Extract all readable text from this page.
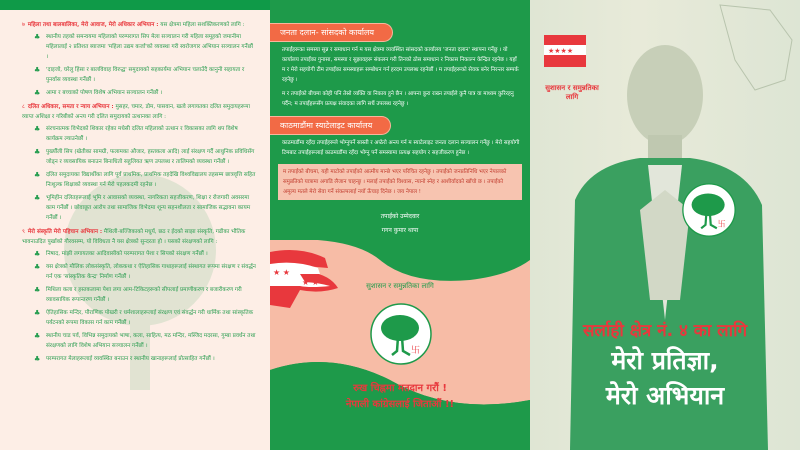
७ महिला तथा बालबालिका, मेरो आवाज, मेरो अधिकार अभियान : यस क्षेत्रमा महिला सशक्तिकरणको लागि :
♣ स्थानीय तहको समन्वयमा महिलाको परम्परागत सिप मेला सञ्चालन गरी महिला समूहको जमानीमा महिलालाई २ प्रतिशत ब्याजमा 'महिला उद्यम कर्जा'को व्यवस्था गरी स्वरोजगार अभियान सञ्चालन गर्नेछौं ।
♣ 'दाइजो, घरेलु हिंसा र बालविवाह विरुद्ध' समुदायको सहकार्यमा अभियान चलाउँदै कानुनी सहायता र पुनर्वास व्यवस्था गर्नेछौं ।
♣ आमा र बच्चाको पोषण विशेष अभियान सञ्चालन गर्नेछौं ।
८ दलित अधिकार, समता र न्याय अभियान : मुसहर, चमार, डोम, पासवान, खत्वे लगायतका दलित समुदायहरूमा व्याप्त अशिक्षा र गरिबीको अन्त्य गरी दलित समुदायको उत्थानका लागि :
♣ संरचनात्मक विभेदको शिकार रहेका मधेसी दलित महिलाको उत्थान र विकासका लागि थप विशेष कार्यक्रम ल्याउनेछौं ।
♣ पुर्ख्यौली सिप (खेतीका सामग्री, फलामका औजार, हस्तकला आदि) लाई संरक्षण गर्दै आधुनिक प्रविधिसँग जोड्न र व्यवसायिक बनाउन बिनाधितो सहुलियत ऋण उपलब्ध र तालिमको व्यवस्था गर्नेछौं ।
♣ दलित समुदायका विद्यार्थीका लागि पूर्व प्राथमिक, प्राथमिक तहदेखि विश्वविद्यालय तहसम्म छात्रवृत्ति सहित निःशुल्क शिक्षाको व्यवस्था गर्न मेरो पहलकदमी रहनेछ ।
♣ भूमिहीन दलितहरूलाई भूमि र आवासको व्यवस्था, नागरिकता सहजीकरण, शिक्षा र रोजगारी अवसरमा काम गर्नेछौं । छोवाछूत आरोप तथा सामाजिक विभेदमा शून्य सहनशीलता र सामाजिक सद्भावना कायम गर्नेछौं ।
९ मेरो संस्कृति मेरो पहिचान अभियान : मैथिली-बज्जिकाको मधुर्य, छठ र ईदको साझा संस्कृति, गढीका भौतिक भावनाउदित पुर्खाको गौरवसम्म, यो विविधता नै यस क्षेत्रको सुन्दरता हो । यसको संरक्षणको लागि :
♣ निषाद, मांझी लगायतका आदिवासीको परम्परागत पेशा र सिपको संरक्षण गर्नेछौं ।
♣ यस क्षेत्रको मौलिक लोकसंस्कृति, लोककथा र ऐतिहासिक गाथाहरूलाई संस्थागत रूपमा संरक्षण र संवर्द्धन गर्न एक 'सांस्कृतिक केन्द्र' निर्माण गर्नेछौं ।
♣ मिथिला कला र हस्तकलामा पेशा लगा आम-टिकिटहरूको सीपलाई प्रमाणीकरण र बजारीकरण गरी व्यावसायिक रूपान्तरण गर्नेछौं ।
♣ ऐतिहासिक मन्दिर, पौराणिक पोखरी र धर्मशालाहरूलाई संरक्षण एवं संवर्द्धन गरी धार्मिक तथा सांस्कृतिक पर्यटनको रूपमा विकास गर्न काम गर्नेछौं ।
♣ स्थानीय चाड पर्व, विभिन्न समुदायको भाषा, कला, साहित्य, मठ मन्दिर, मस्जिद मदरसा, गुम्बा प्रवर्धन तथा संरक्षणको लागि विशेष अभियान सञ्चालन गर्नेछौं ।
♣ परम्परागत मेलाहरूलाई व्यवस्थित बनाउन र स्थानीय खानाहरूलाई प्रोत्साहित गर्नेछौं ।
जनता दलान- सांसदको कार्यालय
तपाईंहरूका समस्या सुन्न र समाधान गर्न म यस क्षेत्रमा व्यवस्थित सांसदको कार्यालय 'जनता दलान' स्थापना गर्नेछु । यो कार्यालय तपाईंका गुनासा, समस्या र सुझावहरू संकलन गरी तिनको ठोस समाधान र निकास निकाल्न केन्द्रित रहनेछ । यहाँ म र मेरो सहयोगी टीम तपाईंका समस्याहरू सम्बोधन गर्न हरदम उपलब्ध रहनेछौं । म तपाईंहरूको सेवक बनेर निरन्तर सम्पर्क रहनेछु ।
म र तपाईंको बीचमा कोही पनि तेस्रो व्यक्ति वा निकाय हुने छैन । आफ्ना कुरा राख्न तपाईंले कुनै पात्र वा माध्यम कुरिरहनु पर्दैन; म तपाईंहरूसँग प्रत्यक्ष संवादका लागि सधैं उपलब्ध रहनेछु ।
काठमाडौंमा स्याटेलाइट कार्यालय
काठमाडौंमा रहँदा तपाईंहरूले भोग्नुपर्ने सास्ती र अप्ठेरो अन्त्य गर्न म स्याटेलाइट जनता दलान सञ्चालन गर्नेछु । मेरो सहयोगी टिमबाट तपाईंहरूलाई काठमाडौंमा रहँदा भोग्नु पर्ने समस्यामा प्रत्यक्ष सहयोग र सहजीकरण हुनेछ ।
म तपाईंको बीचमा, यही माटोको तपाईंको आत्मीय मान्छे भएर परिचित रहनेछु । तपाईंको जनप्रतिनिधि भएर नेपालको समुन्नतिको यात्रामा अगाडि लैजान चाहन्छु । मलाई तपाईंको विश्वास, न्यानो स्नेह र आशीर्वादको खाँचो छ । तपाईंको अमूल्य मतले मेरो सेवा गर्ने संकल्पलाई नयाँ ऊँचाइ दिनेछ । जय नेपाल !
तपाईंको उम्मेदवार
गगन कुमार थापा
★ ★
★ ★	सुशासन र समुन्नतिका लागि
卐
रुख चिह्नमा मतदान गरौं !
नेपाली कांग्रेसलाई जिताऔं !!
★★★★
सुशासन र समुन्नतिका लागि
卐
सर्लाही क्षेत्र नं. ४ का लागि
मेरो प्रतिज्ञा,
मेरो अभियान
